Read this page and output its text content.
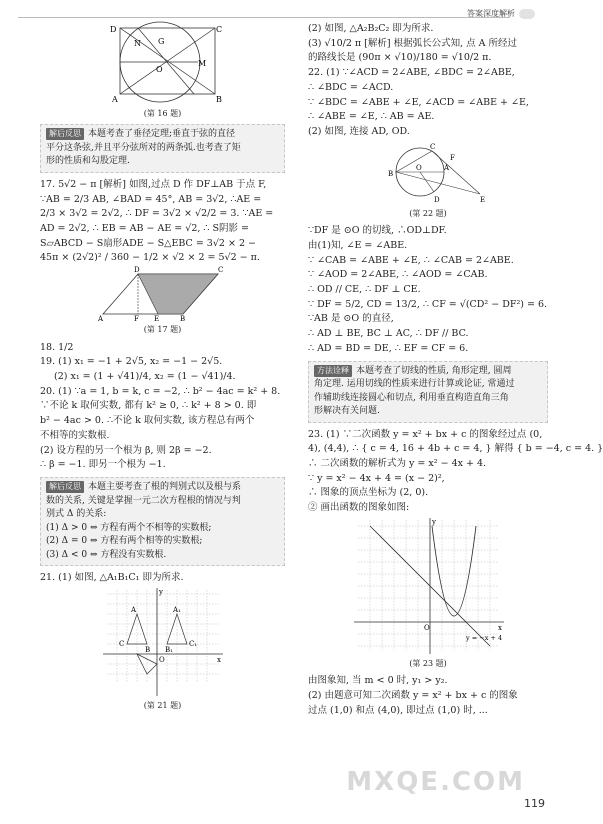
答案深度解析
D	C
A	B
N G
M
O
(第 16 题)
解后反思 本题考查了垂径定理;垂直于弦的直径
平分这条弦,并且平分弦所对的两条弧.也考查了矩
形的性质和勾股定理.
17. 5√2 − π [解析] 如图,过点 D 作 DF⊥AB 于点 F,
∵AB = 2/3 AB, ∠BAD = 45°, AB = 3√2, ∴AE =
2/3 × 3√2 = 2√2, ∴ DF = 3√2 × √2/2 = 3. ∵AE =
AD = 2√2, ∴ EB = AB − AE = √2, ∴ S阴影 =
S▱ABCD − S扇形ADE − S△EBC = 3√2 × 2 −
45π × (2√2)² / 360 − 1/2 × √2 × 2 = 5√2 − π.
A	F E	B
D	C
(第 17 题)
18. 1/2
19. (1) x₁ = −1 + 2√5, x₂ = −1 − 2√5.
(2) x₁ = (1 + √41)/4, x₂ = (1 − √41)/4.
20. (1) ∵a = 1, b = k, c = −2, ∴ b² − 4ac = k² + 8.
∵不论 k 取何实数, 都有 k² ≥ 0, ∴ k² + 8 > 0. 即
b² − 4ac > 0. ∴不论 k 取何实数, 该方程总有两个
不相等的实数根.
(2) 设方程的另一个根为 β, 则 2β = −2.
∴ β = −1. 即另一个根为 −1.
解后反思 本题主要考查了根的判别式以及根与系
数的关系, 关键是掌握一元二次方程根的情况与判
别式 Δ 的关系:
(1) Δ > 0 ⇔ 方程有两个不相等的实数根;
(2) Δ = 0 ⇔ 方程有两个相等的实数根;
(3) Δ < 0 ⇔ 方程没有实数根.
21. (1) 如图, △A₁B₁C₁ 即为所求.
y
x
O
A
C
B
A₁
C₁
B₁
(第 21 题)
(2) 如图, △A₂B₂C₂ 即为所求.
(3) √10/2 π [解析] 根据弧长公式知, 点 A 所经过
的路线长是 (90π × √10)/180 = √10/2 π.
22. (1) ∵∠ACD = 2∠ABE, ∠BDC = 2∠ABE,
∴ ∠BDC = ∠ACD.
∵ ∠BDC = ∠ABE + ∠E, ∠ACD = ∠ABE + ∠E,
∴ ∠ABE = ∠E, ∴ AB = AE.
(2) 如图, 连接 AD, OD.
B
O
C
A
D	E
F
(第 22 题)
∵DF 是 ⊙O 的切线, ∴OD⊥DF.
由(1)知, ∠E = ∠ABE.
∵ ∠CAB = ∠ABE + ∠E, ∴ ∠CAB = 2∠ABE.
∵ ∠AOD = 2∠ABE, ∴ ∠AOD = ∠CAB.
∴ OD // CE, ∴ DF ⊥ CE.
∵ DF = 5/2, CD = 13/2, ∴ CF = √(CD² − DF²) = 6.
∵AB 是 ⊙O 的直径,
∴ AD ⊥ BE, BC ⊥ AC, ∴ DF // BC.
∴ AD = BD = DE, ∴ EF = CF = 6.
方法诠释 本题考查了切线的性质, 角形定理, 圆周
角定理. 运用切线的性质来进行计算或论证, 常通过
作辅助线连接圆心和切点, 利用垂直构造直角三角
形解决有关问题.
23. (1) ∵二次函数 y = x² + bx + c 的图象经过点 (0,
4), (4,4), ∴ { c = 4, 16 + 4b + c = 4, } 解得 { b = −4, c = 4. }
∴ 二次函数的解析式为 y = x² − 4x + 4.
∵ y = x² − 4x + 4 = (x − 2)²,
∴ 图象的顶点坐标为 (2, 0).
② 画出函数的图象如图:
y
x
O
y = −x + 4
(第 23 题)
由图象知, 当 m < 0 时, y₁ > y₂.
(2) 由题意可知二次函数 y = x² + bx + c 的图象
过点 (1,0) 和点 (4,0), 即过点 (1,0) 时, ...
MXQE.COM
119
